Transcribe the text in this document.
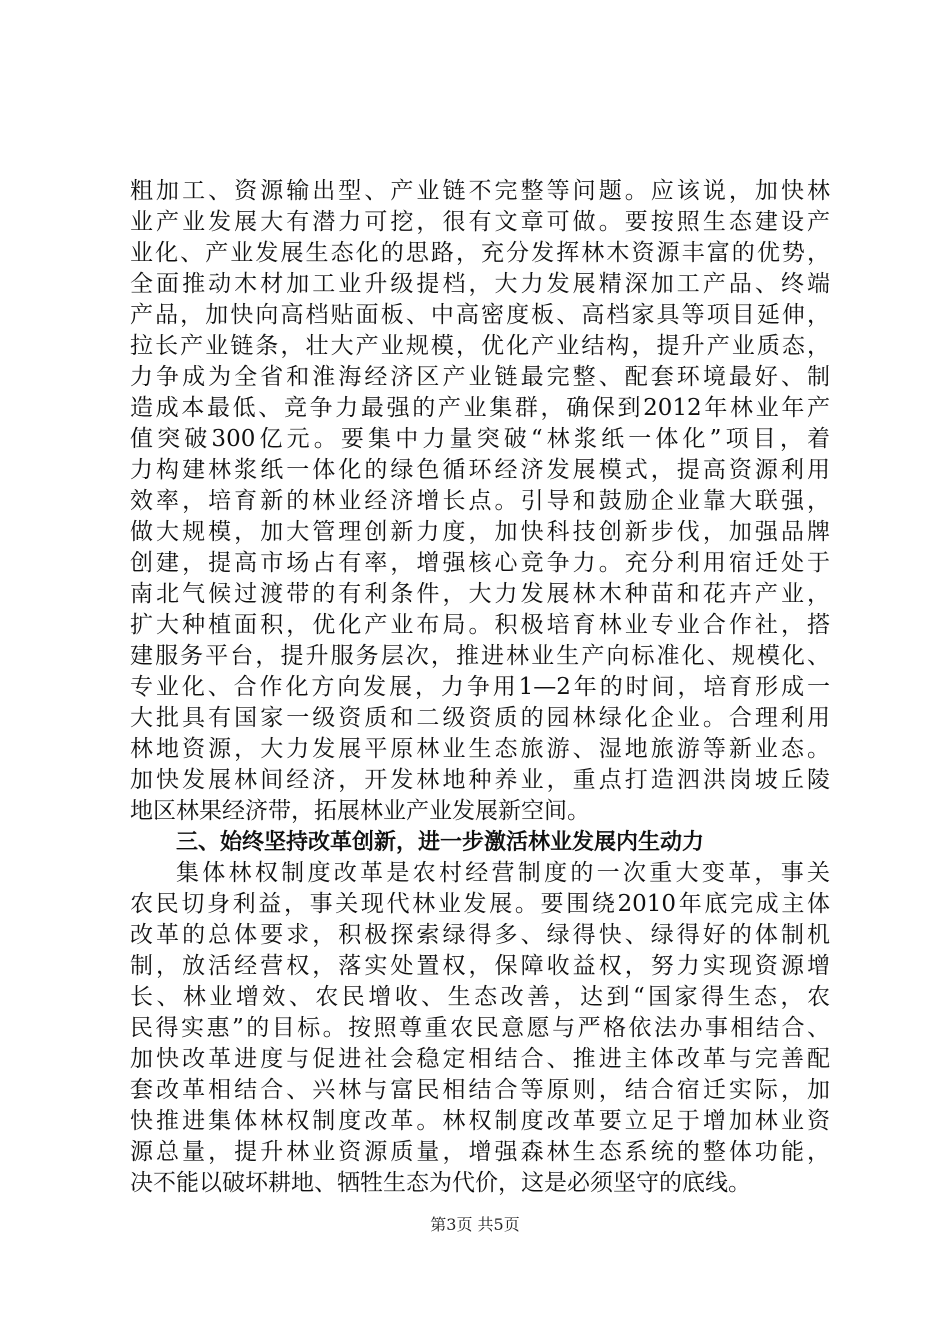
粗加工、资源输出型、产业链不完整等问题。应该说，加快林
业产业发展大有潜力可挖，很有文章可做。要按照生态建设产
业化、产业发展生态化的思路，充分发挥林木资源丰富的优势，
全面推动木材加工业升级提档，大力发展精深加工产品、终端
产品，加快向高档贴面板、中高密度板、高档家具等项目延伸，
拉长产业链条，壮大产业规模，优化产业结构，提升产业质态，
力争成为全省和淮海经济区产业链最完整、配套环境最好、制
造成本最低、竞争力最强的产业集群，确保到2012年林业年产
值突破300亿元。要集中力量突破“林浆纸一体化”项目，着
力构建林浆纸一体化的绿色循环经济发展模式，提高资源利用
效率，培育新的林业经济增长点。引导和鼓励企业靠大联强，
做大规模，加大管理创新力度，加快科技创新步伐，加强品牌
创建，提高市场占有率，增强核心竞争力。充分利用宿迁处于
南北气候过渡带的有利条件，大力发展林木种苗和花卉产业，
扩大种植面积，优化产业布局。积极培育林业专业合作社，搭
建服务平台，提升服务层次，推进林业生产向标准化、规模化、
专业化、合作化方向发展，力争用1—2年的时间，培育形成一
大批具有国家一级资质和二级资质的园林绿化企业。合理利用
林地资源，大力发展平原林业生态旅游、湿地旅游等新业态。
加快发展林间经济，开发林地种养业，重点打造泗洪岗坡丘陵
地区林果经济带，拓展林业产业发展新空间。
三、始终坚持改革创新，进一步激活林业发展内生动力
集体林权制度改革是农村经营制度的一次重大变革，事关
农民切身利益，事关现代林业发展。要围绕2010年底完成主体
改革的总体要求，积极探索绿得多、绿得快、绿得好的体制机
制，放活经营权，落实处置权，保障收益权，努力实现资源增
长、林业增效、农民增收、生态改善，达到“国家得生态，农
民得实惠”的目标。按照尊重农民意愿与严格依法办事相结合、
加快改革进度与促进社会稳定相结合、推进主体改革与完善配
套改革相结合、兴林与富民相结合等原则，结合宿迁实际，加
快推进集体林权制度改革。林权制度改革要立足于增加林业资
源总量，提升林业资源质量，增强森林生态系统的整体功能，
决不能以破坏耕地、牺牲生态为代价，这是必须坚守的底线。
第3页 共5页
